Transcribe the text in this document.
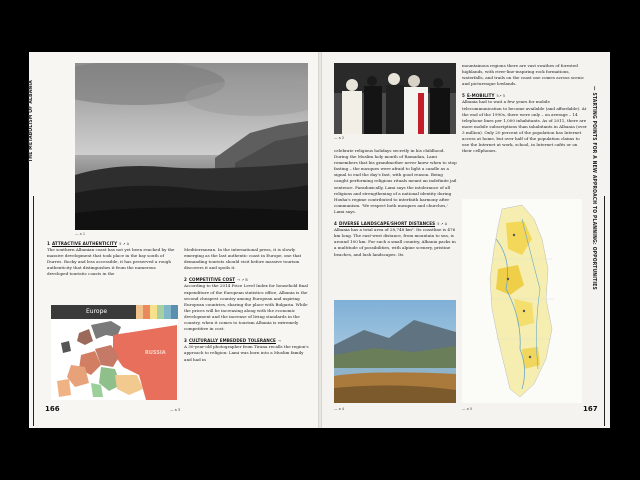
THE METABOLISM OF ALBANIA
— a 1
1 ATTRACTIVE AUTHENTICITY 5 ↗ A

The southern Albanian coast has not yet been reached by the massive development that took place in the bay south of Durres. Rocky and less accessible, it has preserved a rough authenticity that distinguishes it from the numerous developed touristic coasts in the

Europe
RUSSIA

Mediterranean. In the international press, it is slowly emerging as the last authentic coast in Europe, one that demanding tourists should visit before massive tourism discovers it and spoils it.

2 COMPETITIVE COST → ↗ B

According to the 2014 Price Level Index for household final expenditure of the European statistics office, Albania is the second cheapest country among European and aspiring European countries, sharing the place with Bulgaria. While the prices will be increasing along with the economic development and the increase of living standards in the country, when it comes to tourism Albania is extremely competitive in cost.

3 CULTURALLY EMBEDDED TOLERANCE →

A 30-year-old photographer from Tirana recalls the region's approach to religion: Lami was born into a Muslim family and had in

166	— a 3
— STARTING POINTS FOR A NEW APPROACH TO PLANNING: OPPORTUNITIES
— a 2

celebrate religious holidays secretly in his childhood. During the Muslim holy month of Ramadan, Lami remembers that his grandmother never knew when to stop fasting – the mosques were afraid to light a candle as a signal to end the day's fast, with good reason. Being caught performing religious rituals meant an indefinite jail sentence. Paradoxically, Lami says the intolerance of all religions and strengthening of a national identity during Hoxha's regime contributed to interfaith harmony after communism. 'We respect both mosques and churches,' Lami says.

4 DIVERSE LANDSCAPE/SHORT DISTANCES 5 ↗ A

Albania has a total area of 28,748 km². Its coastline is 476 km long. The east-west distance, from mountain to sea, is around 100 km. For such a small country, Albania packs in a multitude of possibilities, with alpine scenery, pristine beaches, and lush landscapes. Its

— a 4

mountainous regions there are vast swathes of forested highlands, with river-line-inspiring rock formations, waterfalls, and trails on the coast one comes across scenic and picturesque lowlands.

5 E-MOBILITY 5↗ 5

Albania had to wait a few years for mobile telecommunication to become available (and affordable). At the end of the 1990s, there were only – on average – 14 telephone lines per 1,000 inhabitants. As of 2011, there are more mobile subscriptions than inhabitants in Albania (over 3 million). Only 20 percent of the population has Internet access at home, but over half of the population claims to use the Internet at work, school, in Internet cafés or on their cellphones.

— a 5	167
